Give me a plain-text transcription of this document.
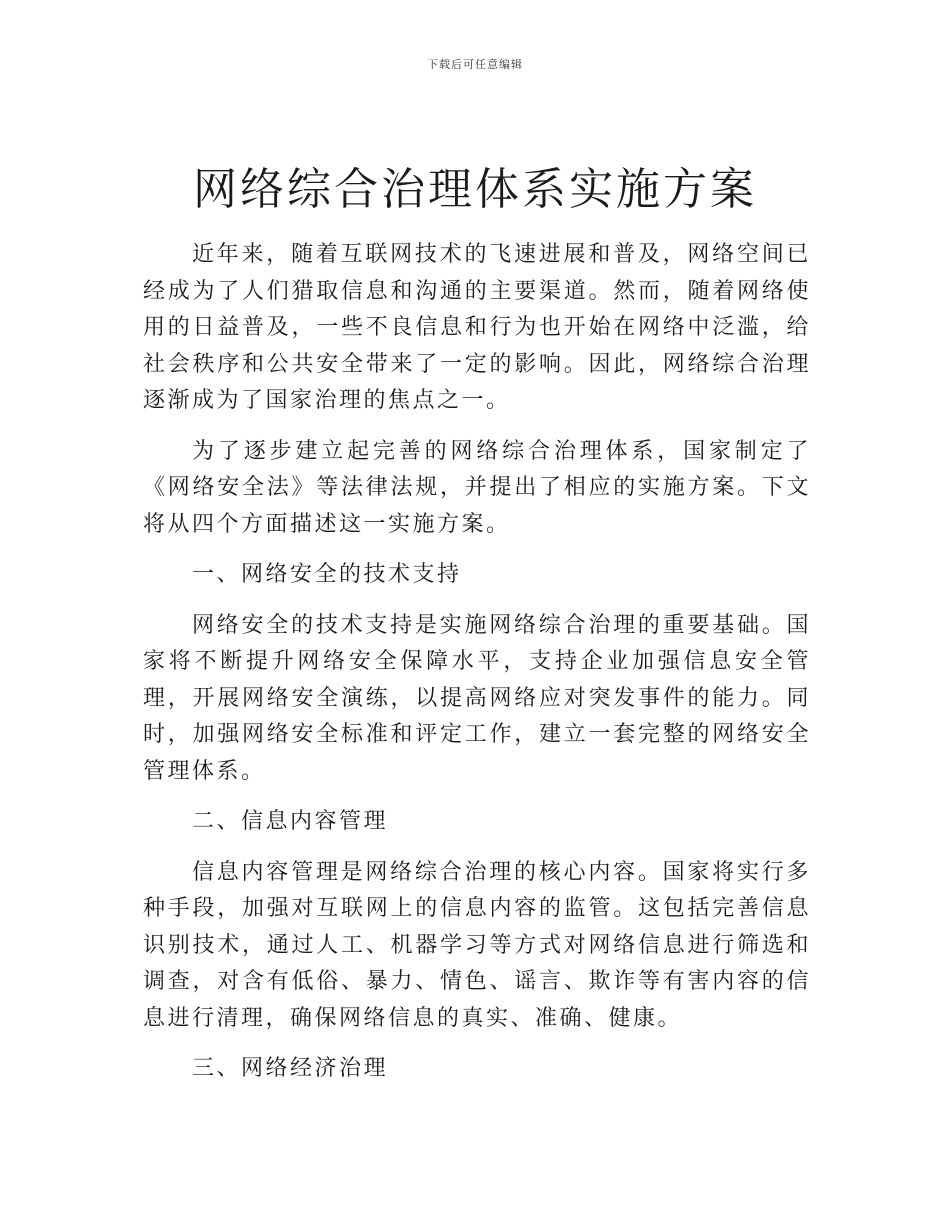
下载后可任意编辑
网络综合治理体系实施方案

近年来，随着互联网技术的飞速进展和普及，网络空间已经成为了人们猎取信息和沟通的主要渠道。然而，随着网络使用的日益普及，一些不良信息和行为也开始在网络中泛滥，给社会秩序和公共安全带来了一定的影响。因此，网络综合治理逐渐成为了国家治理的焦点之一。

为了逐步建立起完善的网络综合治理体系，国家制定了《网络安全法》等法律法规，并提出了相应的实施方案。下文将从四个方面描述这一实施方案。

一、网络安全的技术支持

网络安全的技术支持是实施网络综合治理的重要基础。国家将不断提升网络安全保障水平，支持企业加强信息安全管理，开展网络安全演练，以提高网络应对突发事件的能力。同时，加强网络安全标准和评定工作，建立一套完整的网络安全管理体系。

二、信息内容管理

信息内容管理是网络综合治理的核心内容。国家将实行多种手段，加强对互联网上的信息内容的监管。这包括完善信息识别技术，通过人工、机器学习等方式对网络信息进行筛选和调查，对含有低俗、暴力、情色、谣言、欺诈等有害内容的信息进行清理，确保网络信息的真实、准确、健康。

三、网络经济治理
